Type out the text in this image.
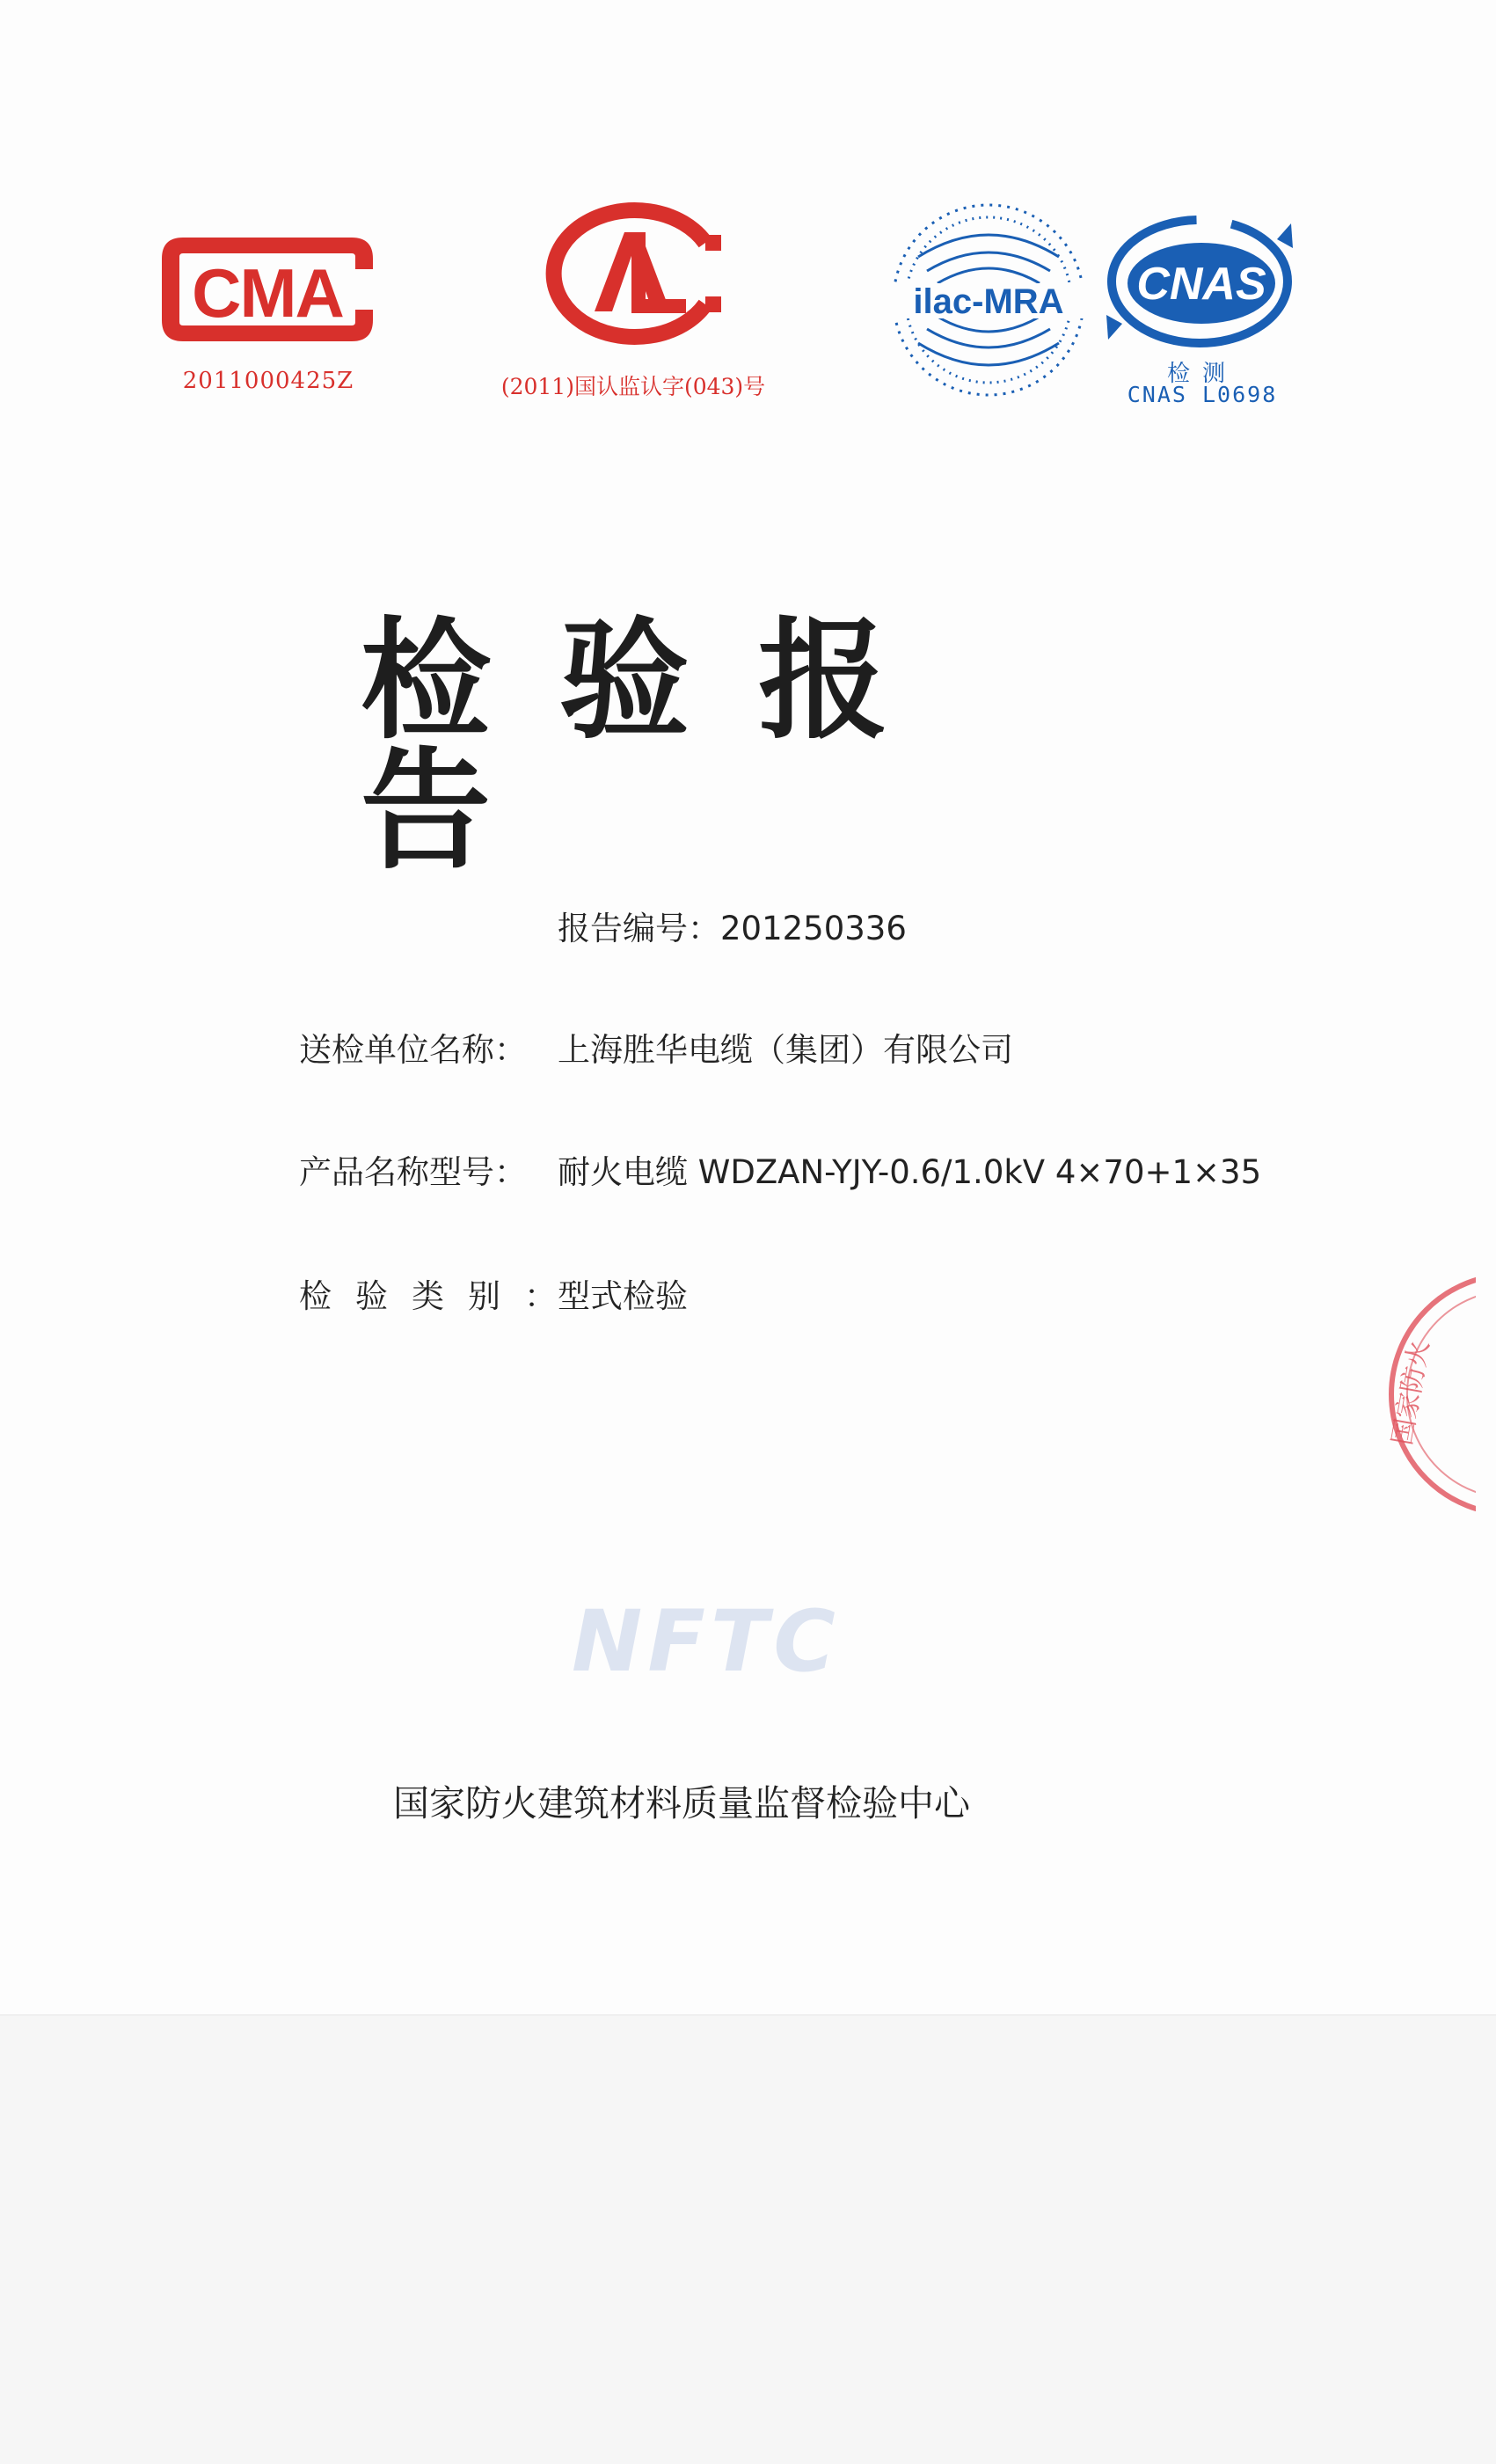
CMA
2011000425Z	(2011)国认监认字(043)号
ilac-MRA CNAS
检测
CNAS L0698
检验报告
报告编号：201250336
送检单位名称： 上海胜华电缆（集团）有限公司
产品名称型号： 耐火电缆 WDZAN-YJY-0.6/1.0kV 4×70+1×35
检验类别：
型式检验
NFTC
国家防火建筑材料质量监督检验中心
国家防火
